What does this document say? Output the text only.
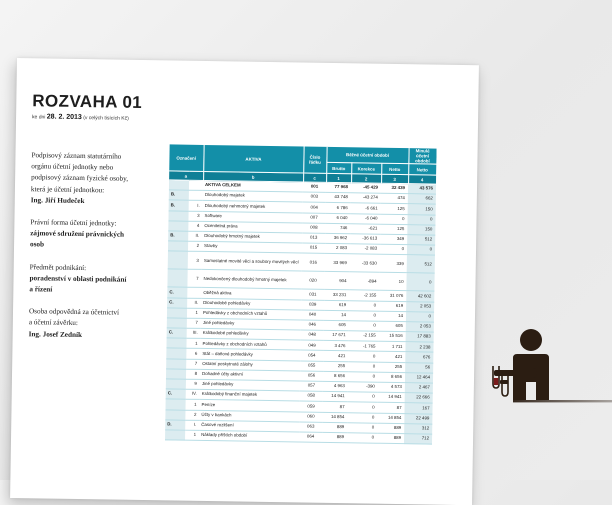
ROZVAHA 01
ke dni 28. 2. 2013 (v celých tisících Kč)

Podpisový záznam statutárního

orgánu účetní jednotky nebo

podpisový záznam fyzické osoby,

která je účetní jednotkou:

Ing. Jiří Hudeček

Právní forma účetní jednotky:

zájmové sdružení právnických

osob

Předmět podnikání:

poradenství v oblasti podnikání

a řízení

Osoba odpovědná za účetnictví

a účetní závěrku:

Ing. Josef Zedník

Označení		AKTIVA	Číslo řádku	Běžné účetní období			Minulé účetní období
				Brutto	Korekce	Netto	Netto
a		b	c	1	2	3	4
		AKTIVA CELKEM	001	77 968	-45 429	32 439	43 576
B.		Dlouhodobý majetek	003	43 748	-43 274	474	662
B.	I.	Dlouhodobý nehmotný majetek	004	6 786	-6 661	125	150
	3	Software	007	6 040	-6 040	0	0
	4	Ocenitelná práva	008	746	-621	125	150
B.	II.	Dlouhodobý hmotný majetek	013	36 962	-36 613	349	512
	2	Stavby	015	2 083	-2 083	0	0
	3	Samostatné movité věci a soubory movitých věcí	016	33 969	-33 630	339	512
	7	Nedokončený dlouhodobý hmotný majetek	020	904	-894	10	0
C.		Oběžná aktiva	031	33 231	-2 155	31 076	42 602
C.	II.	Dlouhodobé pohledávky	039	619	0	619	2 053
	1	Pohledávky z obchodních vztahů	040	14	0	14	0
	7	Jiné pohledávky	046	605	0	605	2 053
C.	III.	Krátkodobé pohledávky	048	17 671	-2 155	15 516	17 883
	1	Pohledávky z obchodních vztahů	049	3 476	-1 765	1 711	2 238
	6	Stát – daňové pohledávky	054	421	0	421	676
	7	Ostatní poskytnuté zálohy	055	255	0	255	56
	8	Dohadné účty aktivní	056	8 656	0	8 656	12 464
	9	Jiné pohledávky	057	4 963	-390	4 573	2 467
C.	IV.	Krátkodobý finanční majetek	058	14 941	0	14 941	22 666
	1	Peníze	059	87	0	87	167
	2	Účty v bankách	060	14 854	0	14 854	22 499
D.	I.	Časové rozlišení	063	889	0	889	312
	1	Náklady příštích období	064	889	0	889	712
